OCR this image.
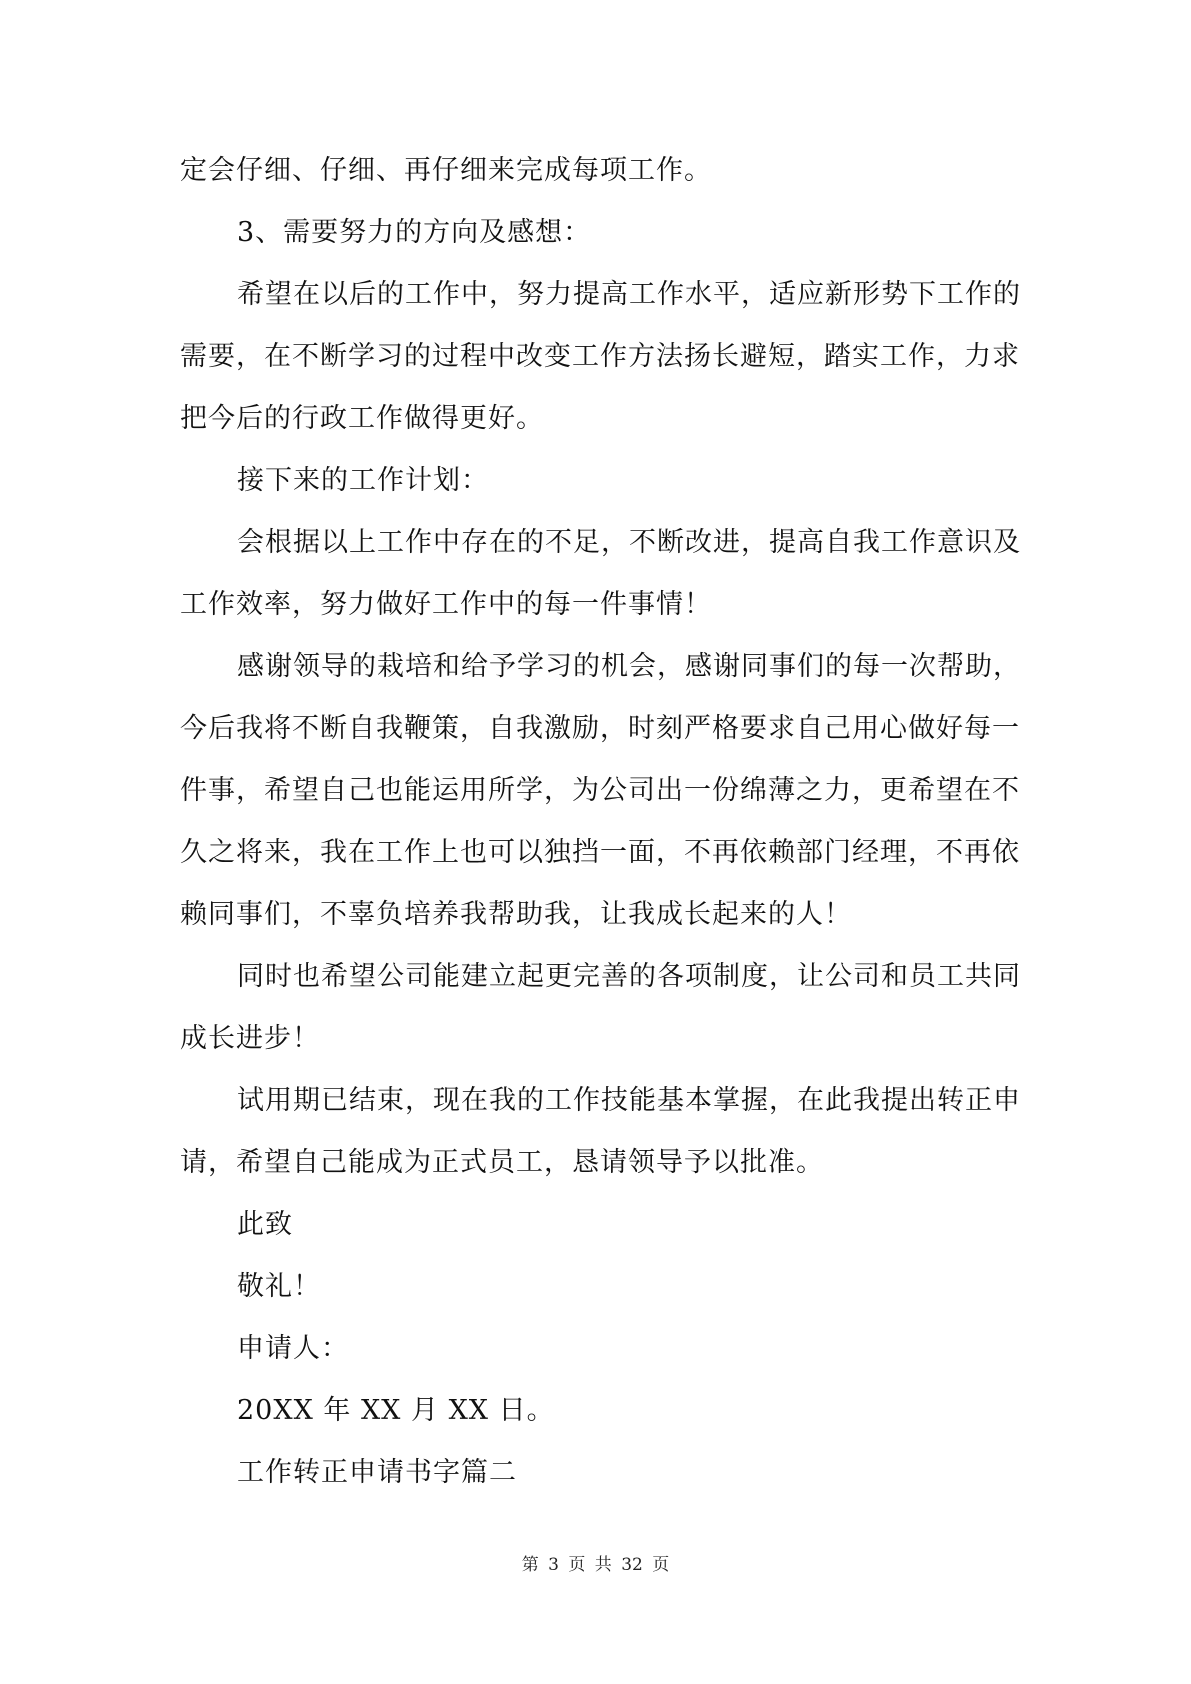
定会仔细、仔细、再仔细来完成每项工作。
3、需要努力的方向及感想：
希望在以后的工作中，努力提高工作水平，适应新形势下工作的
需要，在不断学习的过程中改变工作方法扬长避短，踏实工作，力求
把今后的行政工作做得更好。
接下来的工作计划：
会根据以上工作中存在的不足，不断改进，提高自我工作意识及
工作效率，努力做好工作中的每一件事情！
感谢领导的栽培和给予学习的机会，感谢同事们的每一次帮助，
今后我将不断自我鞭策，自我激励，时刻严格要求自己用心做好每一
件事，希望自己也能运用所学，为公司出一份绵薄之力，更希望在不
久之将来，我在工作上也可以独挡一面，不再依赖部门经理，不再依
赖同事们，不辜负培养我帮助我，让我成长起来的人！
同时也希望公司能建立起更完善的各项制度，让公司和员工共同
成长进步！
试用期已结束，现在我的工作技能基本掌握，在此我提出转正申
请，希望自己能成为正式员工，恳请领导予以批准。
此致
敬礼！
申请人：
20XX 年 XX 月 XX 日。
工作转正申请书字篇二
第 3 页 共 32 页
